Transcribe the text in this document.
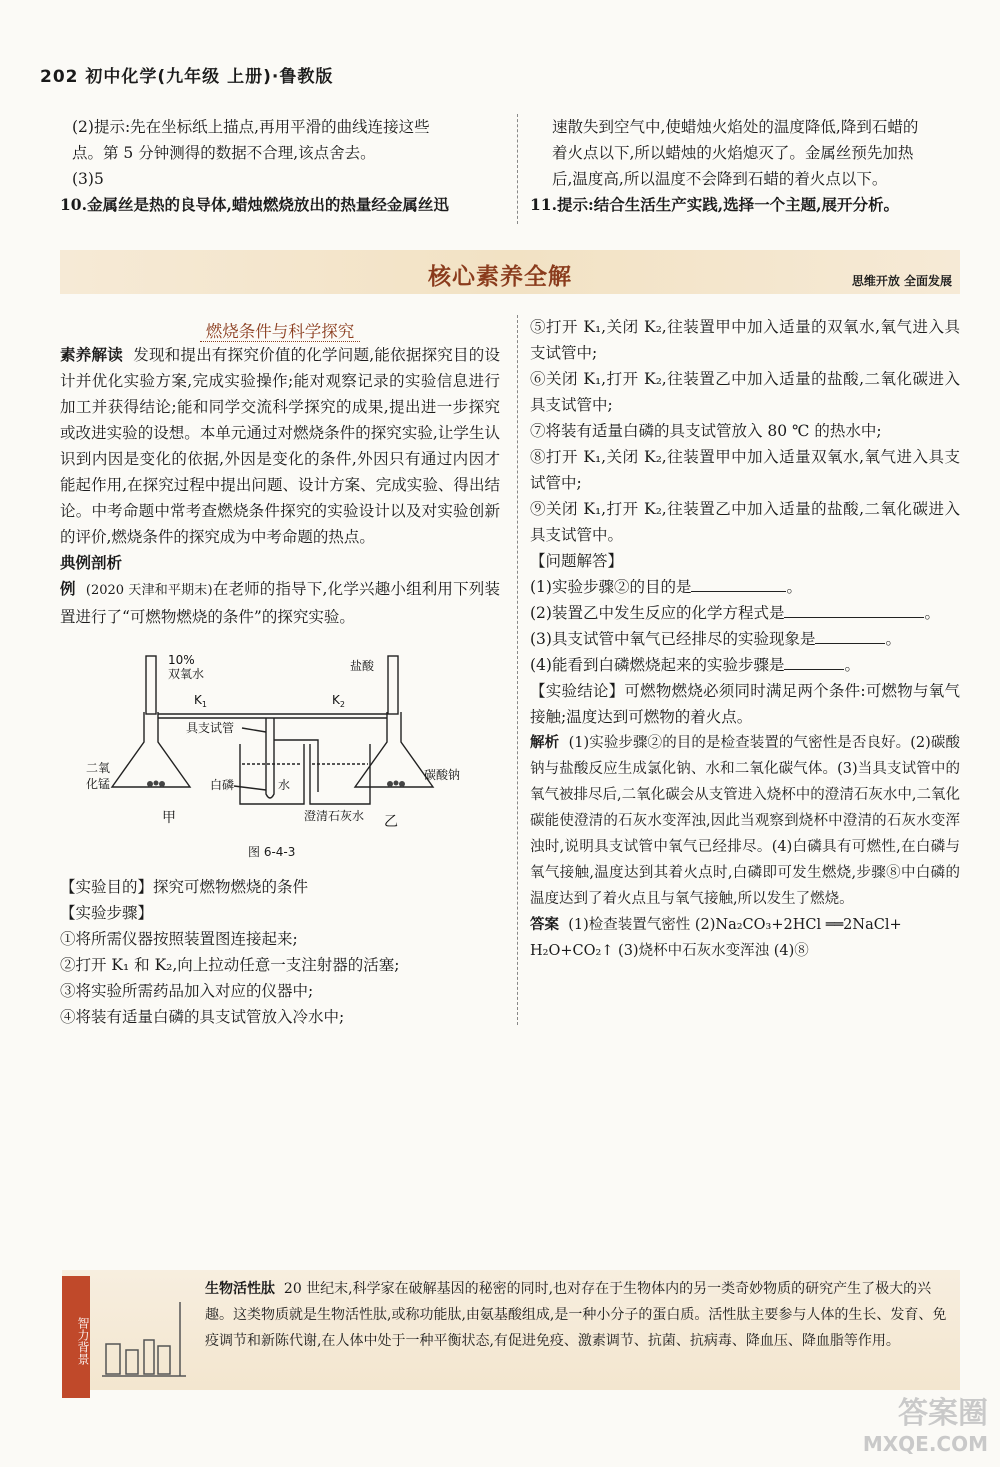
202 初中化学(九年级 上册)·鲁教版

(2)提示:先在坐标纸上描点,再用平滑的曲线连接这些

点。第 5 分钟测得的数据不合理,该点舍去。

(3)5

10.金属丝是热的良导体,蜡烛燃烧放出的热量经金属丝迅

速散失到空气中,使蜡烛火焰处的温度降低,降到石蜡的

着火点以下,所以蜡烛的火焰熄灭了。金属丝预先加热

后,温度高,所以温度不会降到石蜡的着火点以下。

11.提示:结合生活生产实践,选择一个主题,展开分析。

核心素养全解	思维开放 全面发展
燃烧条件与科学探究

素养解读 发现和提出有探究价值的化学问题,能依据探究目的设计并优化实验方案,完成实验操作;能对观察记录的实验信息进行加工并获得结论;能和同学交流科学探究的成果,提出进一步探究或改进实验的设想。本单元通过对燃烧条件的探究实验,让学生认识到内因是变化的依据,外因是变化的条件,外因只有通过内因才能起作用,在探究过程中提出问题、设计方案、完成实验、得出结论。中考命题中常考查燃烧条件探究的实验设计以及对实验创新的评价,燃烧条件的探究成为中考命题的热点。

典例剖析

例 (2020 天津和平期末)在老师的指导下,化学兴趣小组利用下列装置进行了“可燃物燃烧的条件”的探究实验。

10%
双氧水
$K_1$	$K_2$
盐酸
具支试管
二氧
化锰	白磷	水
澄清石灰水
碳酸钠
甲	乙
图 6-4-3

【实验目的】探究可燃物燃烧的条件

【实验步骤】

①将所需仪器按照装置图连接起来;

②打开 K₁ 和 K₂,向上拉动任意一支注射器的活塞;

③将实验所需药品加入对应的仪器中;

④将装有适量白磷的具支试管放入冷水中;

⑤打开 K₁,关闭 K₂,往装置甲中加入适量的双氧水,氧气进入具支试管中;

⑥关闭 K₁,打开 K₂,往装置乙中加入适量的盐酸,二氧化碳进入具支试管中;

⑦将装有适量白磷的具支试管放入 80 ℃ 的热水中;

⑧打开 K₁,关闭 K₂,往装置甲中加入适量双氧水,氧气进入具支试管中;

⑨关闭 K₁,打开 K₂,往装置乙中加入适量的盐酸,二氧化碳进入具支试管中。

【问题解答】

(1)实验步骤②的目的是	。

(2)装置乙中发生反应的化学方程式是	。

(3)具支试管中氧气已经排尽的实验现象是	。

(4)能看到白磷燃烧起来的实验步骤是	。

【实验结论】可燃物燃烧必须同时满足两个条件:可燃物与氧气接触;温度达到可燃物的着火点。

解析 (1)实验步骤②的目的是检查装置的气密性是否良好。(2)碳酸钠与盐酸反应生成氯化钠、水和二氧化碳气体。(3)当具支试管中的氧气被排尽后,二氧化碳会从支管进入烧杯中的澄清石灰水中,二氧化碳能使澄清的石灰水变浑浊,因此当观察到烧杯中澄清的石灰水变浑浊时,说明具支试管中氧气已经排尽。(4)白磷具有可燃性,在白磷与氧气接触,温度达到其着火点时,白磷即可发生燃烧,步骤⑧中白磷的温度达到了着火点且与氧气接触,所以发生了燃烧。

答案 (1)检查装置气密性 (2)Na₂CO₃+2HCl ══2NaCl+

H₂O+CO₂↑ (3)烧杯中石灰水变浑浊 (4)⑧

智力背景
生物活性肽 20 世纪末,科学家在破解基因的秘密的同时,也对存在于生物体内的另一类奇妙物质的研究产生了极大的兴趣。这类物质就是生物活性肽,或称功能肽,由氨基酸组成,是一种小分子的蛋白质。活性肽主要参与人体的生长、发育、免疫调节和新陈代谢,在人体中处于一种平衡状态,有促进免疫、激素调节、抗菌、抗病毒、降血压、降血脂等作用。
答案圈
MXQE.COM
